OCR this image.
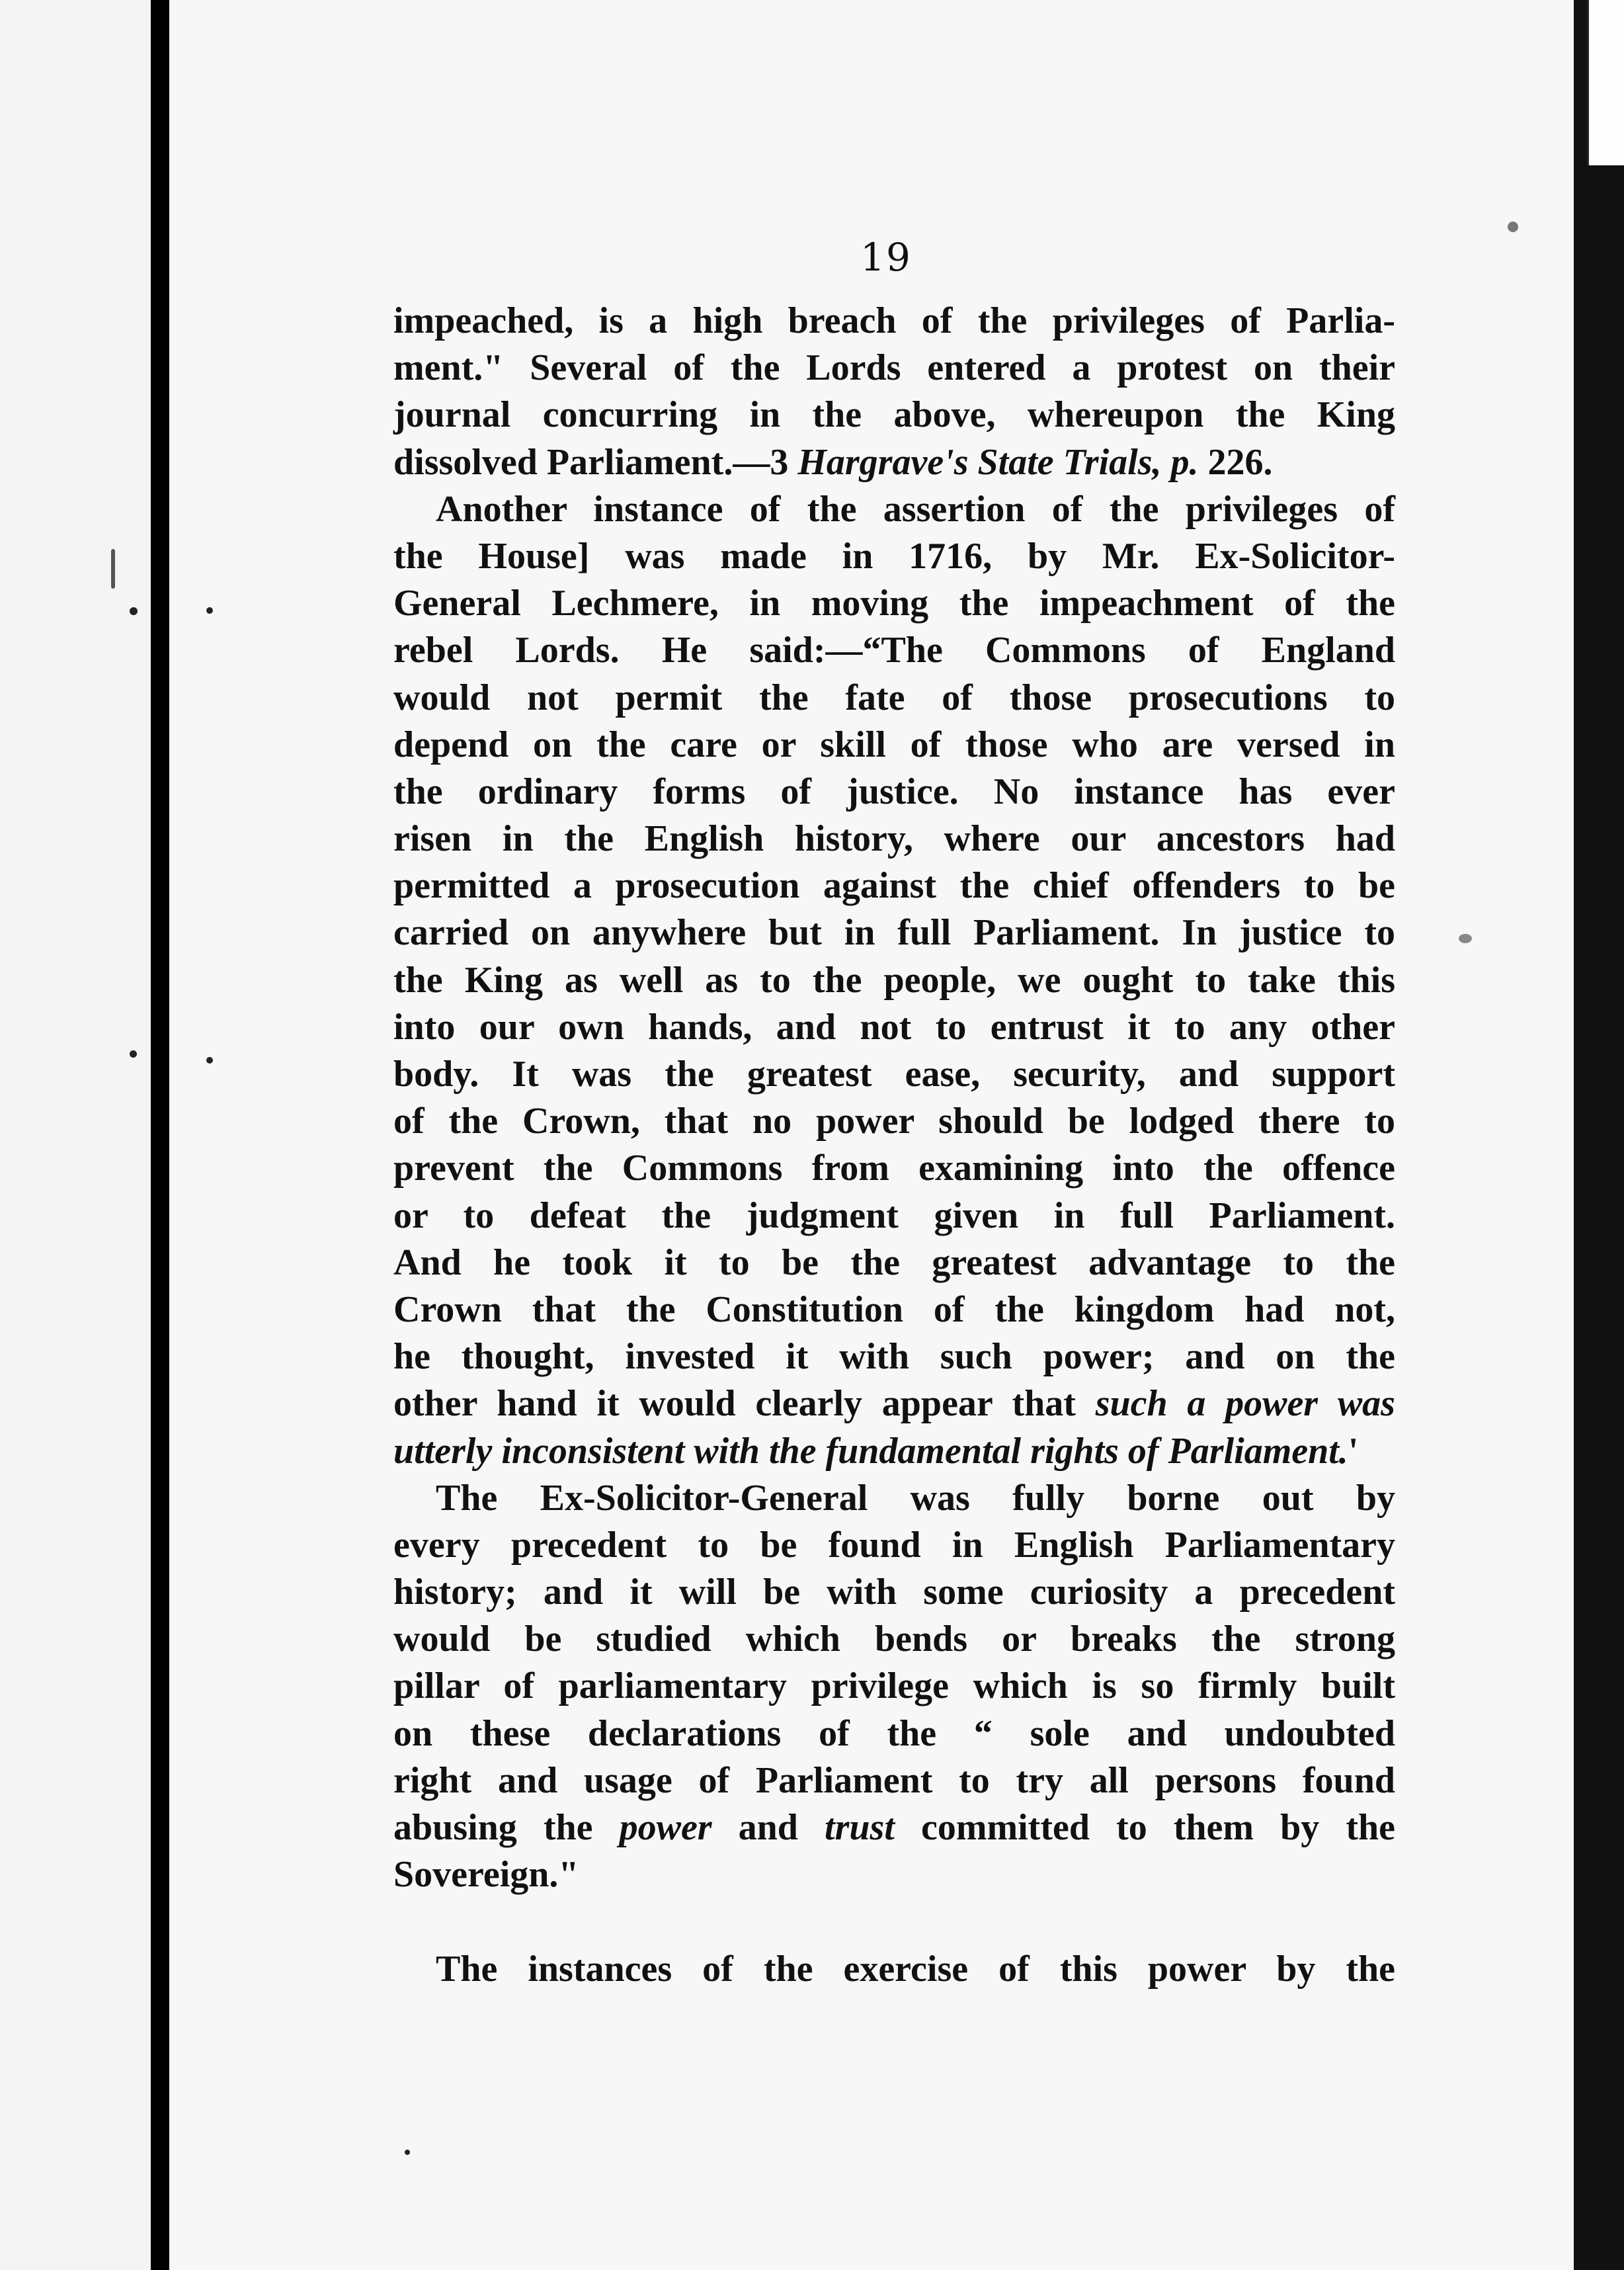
19
impeached, is a high breach of the privileges of Parlia-
ment." Several of the Lords entered a protest on their
journal concurring in the above, whereupon the King
dissolved Parliament.—3 Hargrave's State Trials, p. 226.
Another instance of the assertion of the privileges of
the House] was made in 1716, by Mr. Ex-Solicitor-
General Lechmere, in moving the impeachment of the
rebel Lords. He said:—“The Commons of England
would not permit the fate of those prosecutions to
depend on the care or skill of those who are versed in
the ordinary forms of justice. No instance has ever
risen in the English history, where our ancestors had
permitted a prosecution against the chief offenders to be
carried on anywhere but in full Parliament. In justice to
the King as well as to the people, we ought to take this
into our own hands, and not to entrust it to any other
body. It was the greatest ease, security, and support
of the Crown, that no power should be lodged there to
prevent the Commons from examining into the offence
or to defeat the judgment given in full Parliament.
And he took it to be the greatest advantage to the
Crown that the Constitution of the kingdom had not,
he thought, invested it with such power; and on the
other hand it would clearly appear that such a power was
utterly inconsistent with the fundamental rights of Parliament.'
The Ex-Solicitor-General was fully borne out by
every precedent to be found in English Parliamentary
history; and it will be with some curiosity a precedent
would be studied which bends or breaks the strong
pillar of parliamentary privilege which is so firmly built
on these declarations of the “ sole and undoubted
right and usage of Parliament to try all persons found
abusing the power and trust committed to them by the
Sovereign."

The instances of the exercise of this power by the
